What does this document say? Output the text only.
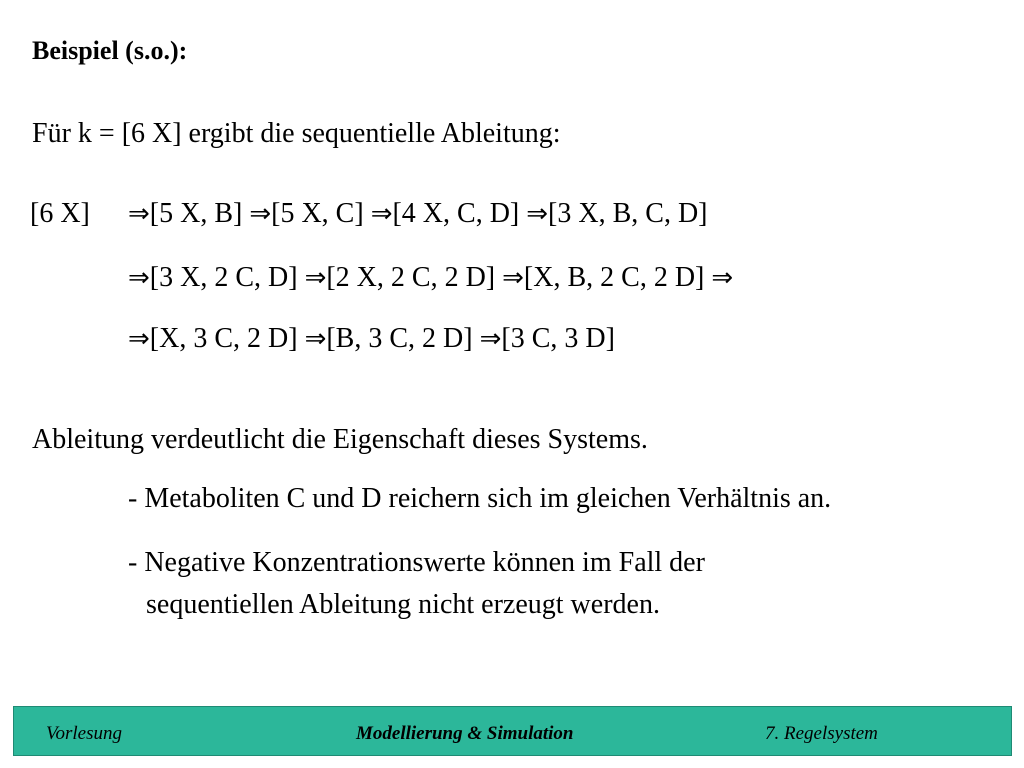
Beispiel (s.o.):
Für k = [6 X] ergibt die sequentielle Ableitung:
[6 X] ⇒[5 X, B] ⇒[5 X, C] ⇒[4 X, C, D] ⇒[3 X, B, C, D]
⇒[3 X, 2 C, D] ⇒[2 X, 2 C, 2 D] ⇒[X, B, 2 C, 2 D] ⇒
⇒[X, 3 C, 2 D] ⇒[B, 3 C, 2 D] ⇒[3 C, 3 D]
Ableitung verdeutlicht die Eigenschaft dieses Systems.
- Metaboliten C und D reichern sich im gleichen Verhältnis an.
- Negative Konzentrationswerte können im Fall der
sequentiellen Ableitung nicht erzeugt werden.
Vorlesung	Modellierung & Simulation	7. Regelsystem
